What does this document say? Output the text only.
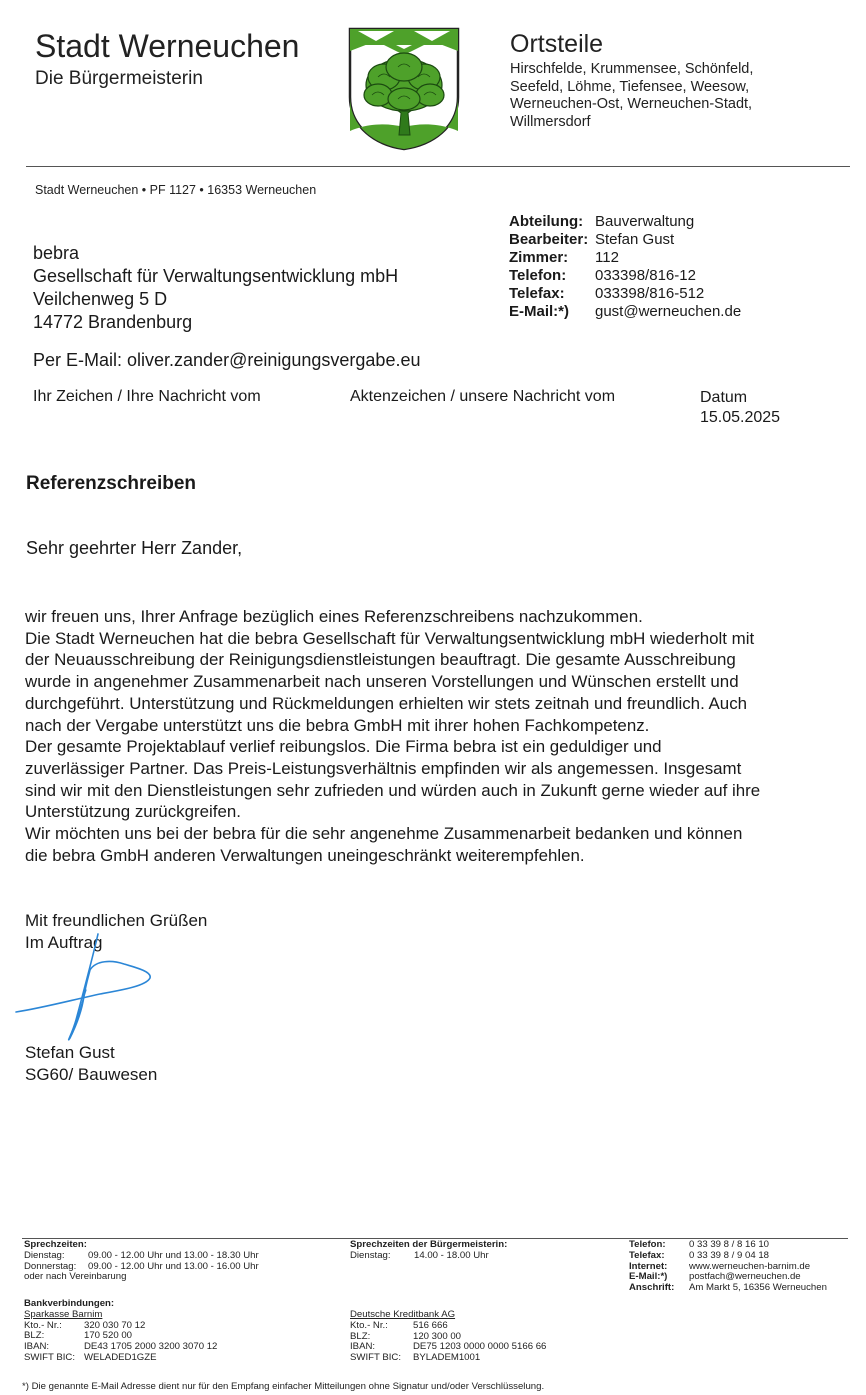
Stadt Werneuchen
Die Bürgermeisterin
Ortsteile
Hirschfelde, Krummensee, Schönfeld,
Seefeld, Löhme, Tiefensee, Weesow,
Werneuchen-Ost, Werneuchen-Stadt,
Willmersdorf
Stadt Werneuchen • PF 1127 • 16353 Werneuchen
Abteilung:	Bauverwaltung
Bearbeiter:	Stefan Gust
Zimmer:	112
Telefon:	033398/816-12
Telefax:	033398/816-512
E-Mail:*)	gust@werneuchen.de
bebra
Gesellschaft für Verwaltungsentwicklung mbH
Veilchenweg 5 D
14772 Brandenburg
Per E-Mail: oliver.zander@reinigungsvergabe.eu
Ihr Zeichen / Ihre Nachricht vom	Aktenzeichen / unsere Nachricht vom	Datum
15.05.2025
Referenzschreiben
Sehr geehrter Herr Zander,

wir freuen uns, Ihrer Anfrage bezüglich eines Referenzschreibens nachzukommen.

Die Stadt Werneuchen hat die bebra Gesellschaft für Verwaltungsentwicklung mbH wiederholt mit

der Neuausschreibung der Reinigungsdienstleistungen beauftragt. Die gesamte Ausschreibung

wurde in angenehmer Zusammenarbeit nach unseren Vorstellungen und Wünschen erstellt und

durchgeführt. Unterstützung und Rückmeldungen erhielten wir stets zeitnah und freundlich. Auch

nach der Vergabe unterstützt uns die bebra GmbH mit ihrer hohen Fachkompetenz.

Der gesamte Projektablauf verlief reibungslos. Die Firma bebra ist ein geduldiger und

zuverlässiger Partner. Das Preis-Leistungsverhältnis empfinden wir als angemessen. Insgesamt

sind wir mit den Dienstleistungen sehr zufrieden und würden auch in Zukunft gerne wieder auf ihre

Unterstützung zurückgreifen.

Wir möchten uns bei der bebra für die sehr angenehme Zusammenarbeit bedanken und können

die bebra GmbH anderen Verwaltungen uneingeschränkt weiterempfehlen.

Mit freundlichen Grüßen
Im Auftrag
Stefan Gust
SG60/ Bauwesen
Sprechzeiten:
Dienstag:	09.00 - 12.00 Uhr und 13.00 - 18.30 Uhr
Donnerstag:	09.00 - 12.00 Uhr und 13.00 - 16.00 Uhr
oder nach Vereinbarung
Sprechzeiten der Bürgermeisterin:
Dienstag:	14.00 - 18.00 Uhr
Telefon:	0 33 39 8 / 8 16 10
Telefax:	0 33 39 8 / 9 04 18
Internet:	www.werneuchen-barnim.de
E-Mail:*)	postfach@werneuchen.de
Anschrift:	Am Markt 5, 16356 Werneuchen
Bankverbindungen:
Sparkasse Barnim
Kto.- Nr.:	320 030 70 12
BLZ:	170 520 00
IBAN:	DE43 1705 2000 3200 3070 12
SWIFT BIC:	WELADED1GZE
Deutsche Kreditbank AG
Kto.- Nr.:	516 666
BLZ:	120 300 00
IBAN:	DE75 1203 0000 0000 5166 66
SWIFT BIC:	BYLADEM1001
*) Die genannte E-Mail Adresse dient nur für den Empfang einfacher Mitteilungen ohne Signatur und/oder Verschlüsselung.
